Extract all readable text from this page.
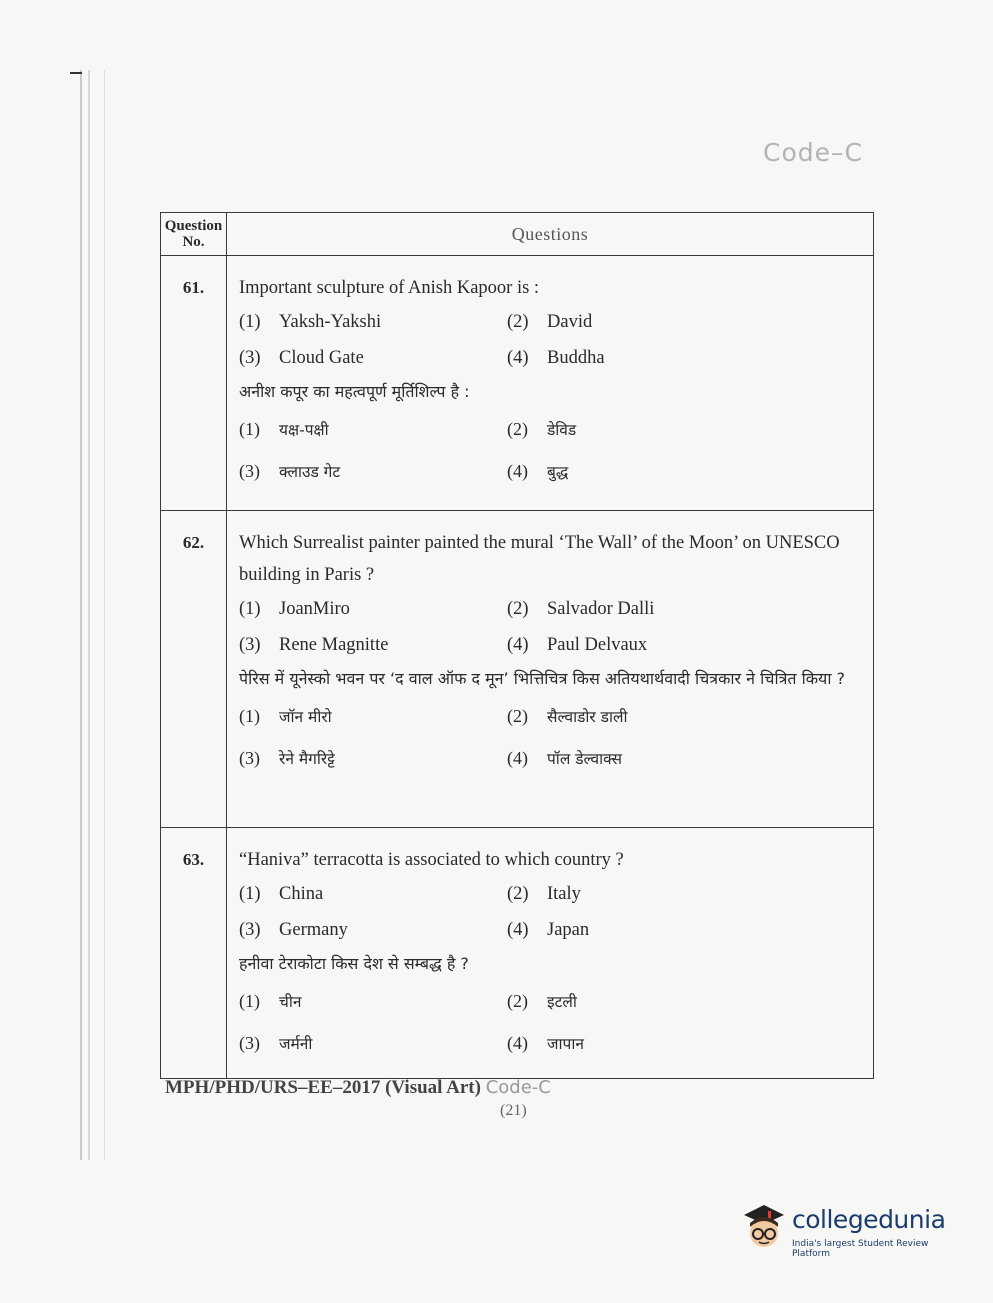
Code–C
Question No.	Questions
61.	Important sculpture of Anish Kapoor is :
(1) Yaksh-Yakshi	(2) David
(3) Cloud Gate	(4) Buddha
अनीश कपूर का महत्वपूर्ण मूर्तिशिल्प है :
(1) यक्ष-पक्षी	(2) डेविड
(3) क्लाउड गेट	(4) बुद्ध
62.	Which Surrealist painter painted the mural ‘The Wall’ of the Moon’ on UNESCO building in Paris ?
(1) JoanMiro	(2) Salvador Dalli
(3) Rene Magnitte	(4) Paul Delvaux
पेरिस में यूनेस्को भवन पर ‘द वाल ऑफ द मून’ भित्तिचित्र किस अतियथार्थवादी चित्रकार ने चित्रित किया ?
(1) जॉन मीरो	(2) सैल्वाडोर डाली
(3) रेने मैगरिट्टे	(4) पॉल डेल्वाक्स
63.	“Haniva” terracotta is associated to which country ?
(1) China	(2) Italy
(3) Germany	(4) Japan
हनीवा टेराकोटा किस देश से सम्बद्ध है ?
(1) चीन	(2) इटली
(3) जर्मनी	(4) जापान
MPH/PHD/URS–EE–2017 (Visual Art) Code-C
(21)
collegedunia
India's largest Student Review Platform
